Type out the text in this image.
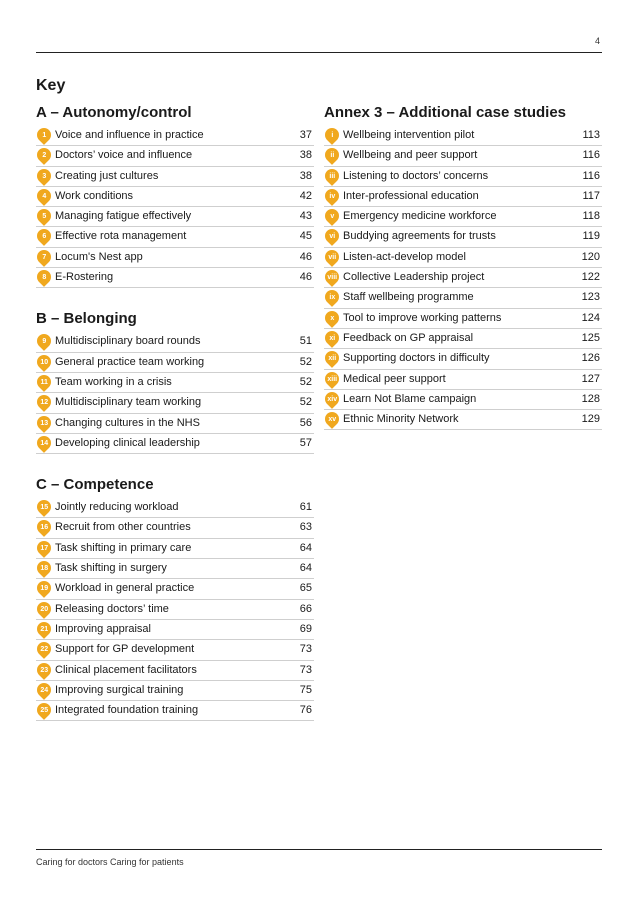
4
Key
A – Autonomy/control
1 Voice and influence in practice	37
2 Doctors’ voice and influence	38
3 Creating just cultures	38
4 Work conditions	42
5 Managing fatigue effectively	43
6 Effective rota management	45
7 Locum's Nest app	46
8 E-Rostering	46
B – Belonging
9 Multidisciplinary board rounds	51
10 General practice team working	52
11 Team working in a crisis	52
12 Multidisciplinary team working	52
13 Changing cultures in the NHS	56
14 Developing clinical leadership	57
C – Competence
15 Jointly reducing workload	61
16 Recruit from other countries	63
17 Task shifting in primary care	64
18 Task shifting in surgery	64
19 Workload in general practice	65
20 Releasing doctors’ time	66
21 Improving appraisal	69
22 Support for GP development	73
23 Clinical placement facilitators	73
24 Improving surgical training	75
25 Integrated foundation training	76
Annex 3 – Additional case studies
i Wellbeing intervention pilot	113
ii Wellbeing and peer support	116
iii Listening to doctors’ concerns	116
iv Inter-professional education	117
v Emergency medicine workforce	118
vi Buddying agreements for trusts	119
vii Listen-act-develop model	120
viii Collective Leadership project	122
ix Staff wellbeing programme	123
x Tool to improve working patterns	124
xi Feedback on GP appraisal	125
xii Supporting doctors in difficulty	126
xiii Medical peer support	127
xiv Learn Not Blame campaign	128
xv Ethnic Minority Network	129
Caring for doctors Caring for patients
